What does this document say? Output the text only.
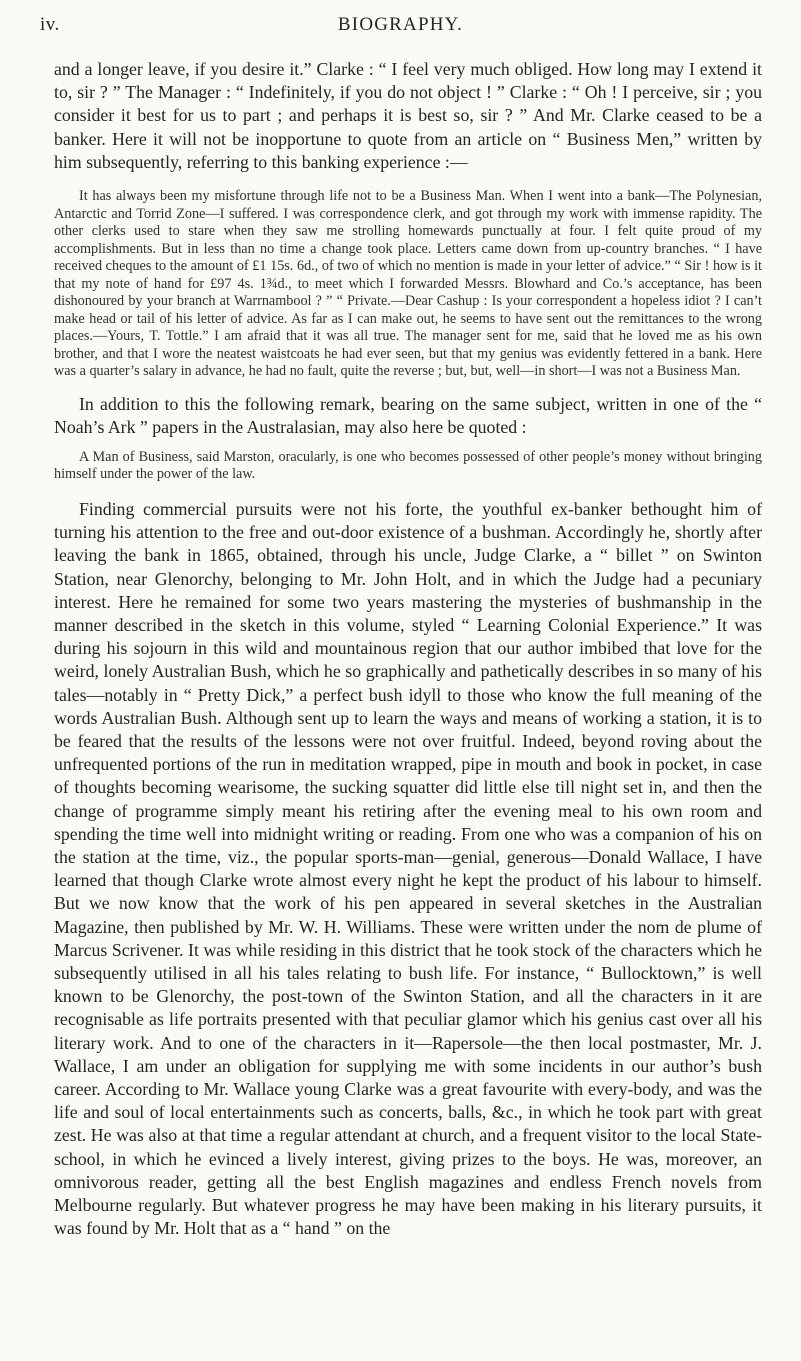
iv.	BIOGRAPHY.

and a longer leave, if you desire it.” Clarke : “ I feel very much obliged. How long may I extend it to, sir ? ” The Manager : “ Indefinitely, if you do not object ! ” Clarke : “ Oh ! I perceive, sir ; you consider it best for us to part ; and perhaps it is best so, sir ? ” And Mr. Clarke ceased to be a banker. Here it will not be inopportune to quote from an article on “ Business Men,” written by him subsequently, referring to this banking experience :—

It has always been my misfortune through life not to be a Business Man. When I went into a bank—The Polynesian, Antarctic and Torrid Zone—I suffered. I was correspondence clerk, and got through my work with immense rapidity. The other clerks used to stare when they saw me strolling homewards punctually at four. I felt quite proud of my accomplishments. But in less than no time a change took place. Letters came down from up-country branches. “ I have received cheques to the amount of £1 15s. 6d., of two of which no mention is made in your letter of advice.” “ Sir ! how is it that my note of hand for £97 4s. 1¾d., to meet which I forwarded Messrs. Blowhard and Co.’s acceptance, has been dishonoured by your branch at Warrnambool ? ” “ Private.—Dear Cashup : Is your correspondent a hopeless idiot ? I can’t make head or tail of his letter of advice. As far as I can make out, he seems to have sent out the remittances to the wrong places.—Yours, T. Tottle.” I am afraid that it was all true. The manager sent for me, said that he loved me as his own brother, and that I wore the neatest waistcoats he had ever seen, but that my genius was evidently fettered in a bank. Here was a quarter’s salary in advance, he had no fault, quite the reverse ; but, but, well—in short—I was not a Business Man.

In addition to this the following remark, bearing on the same subject, written in one of the “ Noah’s Ark ” papers in the Australasian, may also here be quoted :

A Man of Business, said Marston, oracularly, is one who becomes possessed of other people’s money without bringing himself under the power of the law.

Finding commercial pursuits were not his forte, the youthful ex-banker bethought him of turning his attention to the free and out-door existence of a bushman. Accordingly he, shortly after leaving the bank in 1865, obtained, through his uncle, Judge Clarke, a “ billet ” on Swinton Station, near Glenorchy, belonging to Mr. John Holt, and in which the Judge had a pecuniary interest. Here he remained for some two years mastering the mysteries of bushmanship in the manner described in the sketch in this volume, styled “ Learning Colonial Experience.” It was during his sojourn in this wild and mountainous region that our author imbibed that love for the weird, lonely Australian Bush, which he so graphically and pathetically describes in so many of his tales—notably in “ Pretty Dick,” a perfect bush idyll to those who know the full meaning of the words Australian Bush. Although sent up to learn the ways and means of working a station, it is to be feared that the results of the lessons were not over fruitful. Indeed, beyond roving about the unfrequented portions of the run in meditation wrapped, pipe in mouth and book in pocket, in case of thoughts becoming wearisome, the sucking squatter did little else till night set in, and then the change of programme simply meant his retiring after the evening meal to his own room and spending the time well into midnight writing or reading. From one who was a companion of his on the station at the time, viz., the popular sports-man—genial, generous—Donald Wallace, I have learned that though Clarke wrote almost every night he kept the product of his labour to himself. But we now know that the work of his pen appeared in several sketches in the Australian Magazine, then published by Mr. W. H. Williams. These were written under the nom de plume of Marcus Scrivener. It was while residing in this district that he took stock of the characters which he subsequently utilised in all his tales relating to bush life. For instance, “ Bullocktown,” is well known to be Glenorchy, the post-town of the Swinton Station, and all the characters in it are recognisable as life portraits presented with that peculiar glamor which his genius cast over all his literary work. And to one of the characters in it—Rapersole—the then local postmaster, Mr. J. Wallace, I am under an obligation for supplying me with some incidents in our author’s bush career. According to Mr. Wallace young Clarke was a great favourite with every-body, and was the life and soul of local entertainments such as concerts, balls, &c., in which he took part with great zest. He was also at that time a regular attendant at church, and a frequent visitor to the local State-school, in which he evinced a lively interest, giving prizes to the boys. He was, moreover, an omnivorous reader, getting all the best English magazines and endless French novels from Melbourne regularly. But whatever progress he may have been making in his literary pursuits, it was found by Mr. Holt that as a “ hand ” on the
